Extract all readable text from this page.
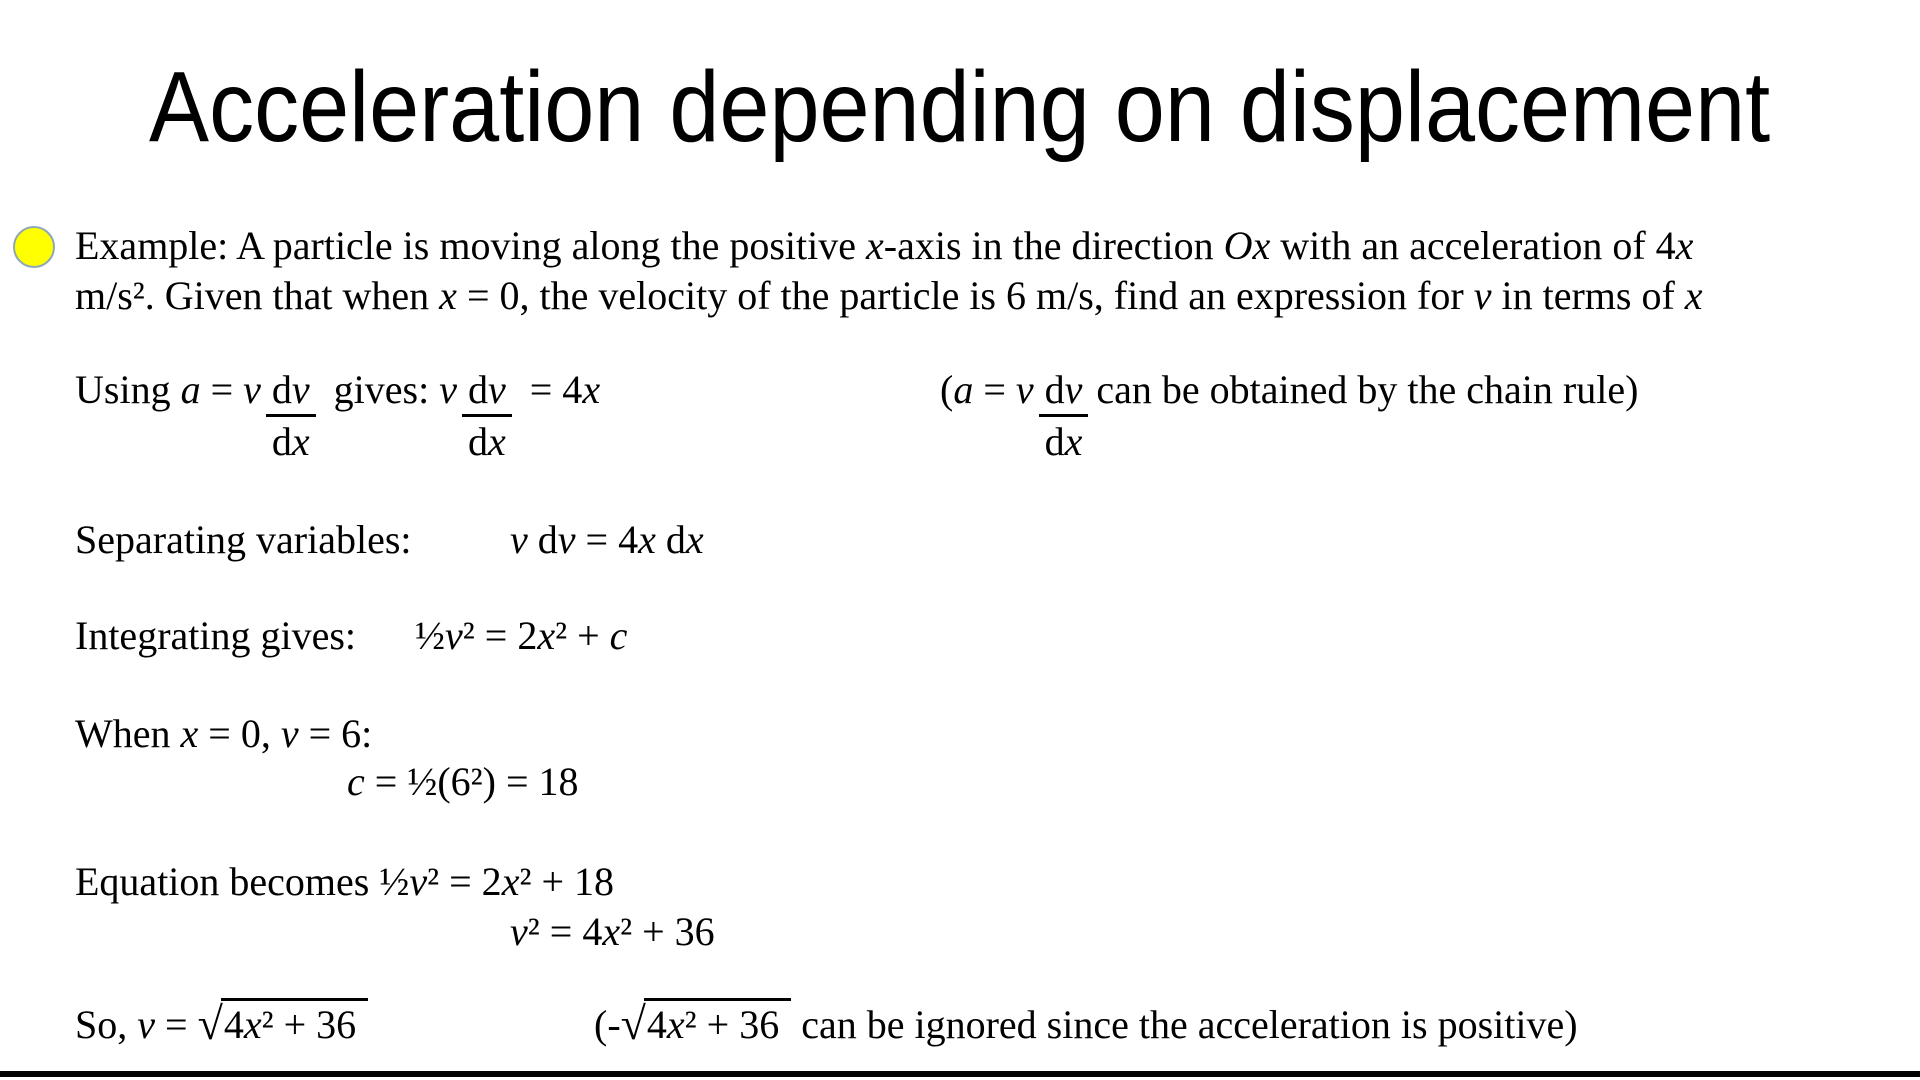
Acceleration depending on displacement
Example: A particle is moving along the positive x-axis in the direction Ox with an acceleration of 4x
m/s². Given that when x = 0, the velocity of the particle is 6 m/s, find an expression for v in terms of x
Using a = v $\frac{dv}{dx}$ gives: v $\frac{dv}{dx} = 4x$	(a = v $\frac{dv}{dx}$ can be obtained by the chain rule)
Separating variables: v dv = 4x dx
Integrating gives: ½v² = 2x² + c
When x = 0, v = 6:
c = ½(6²) = 18
Equation becomes ½v² = 2x² + 18
v² = 4x² + 36
So, v = √4x² + 36	(-√4x² + 36 can be ignored since the acceleration is positive)
